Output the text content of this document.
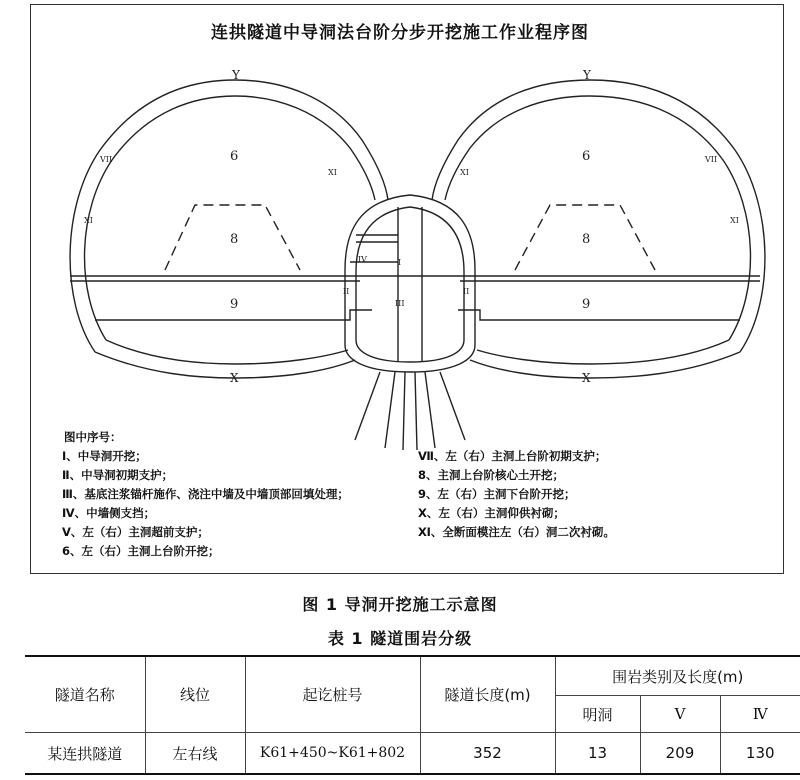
连拱隧道中导洞法台阶分步开挖施工作业程序图
Y	Y
VII	VII
XI
XI
XI
XI
6	6
8	8
9	9
X	X
I
IV
II	II
III
图中序号：
Ⅰ、中导洞开挖；
Ⅱ、中导洞初期支护；
Ⅲ、基底注浆锚杆施作、浇注中墙及中墙顶部回填处理；
Ⅳ、中墙侧支挡；
Ⅴ、左（右）主洞超前支护；
6、左（右）主洞上台阶开挖；
Ⅶ、左（右）主洞上台阶初期支护；
8、主洞上台阶核心土开挖；
9、左（右）主洞下台阶开挖；
Ⅹ、左（右）主洞仰供衬砌；
Ⅺ、全断面模注左（右）洞二次衬砌。
图 1 导洞开挖施工示意图
表 1 隧道围岩分级
隧道名称	线位	起讫桩号	隧道长度(m)	围岩类别及长度(m)		
				明洞	Ⅴ	Ⅳ
某连拱隧道	左右线	K61+450~K61+802	352	13	209	130
